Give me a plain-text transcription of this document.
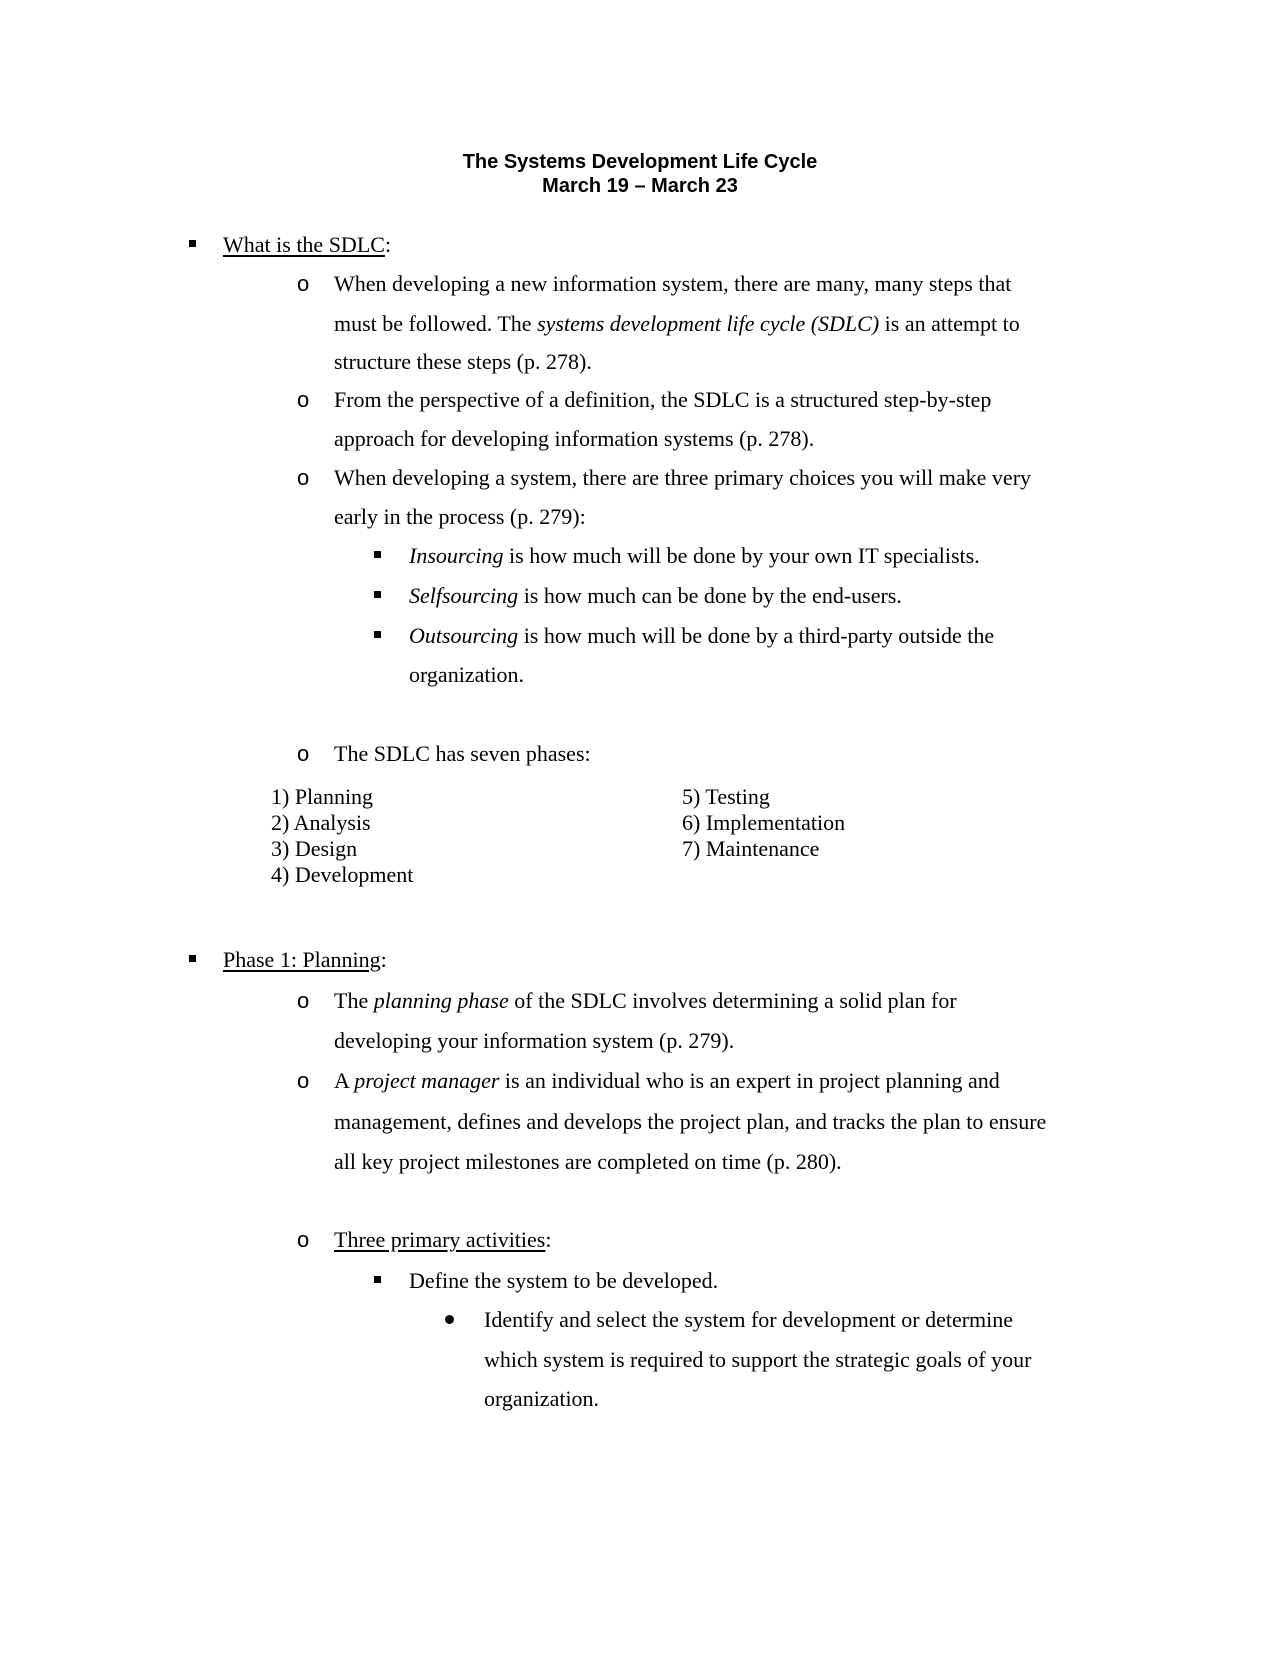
The Systems Development Life Cycle
March 19 – March 23
What is the SDLC:
o When developing a new information system, there are many, many steps that
must be followed. The systems development life cycle (SDLC) is an attempt to
structure these steps (p. 278).
o From the perspective of a definition, the SDLC is a structured step-by-step
approach for developing information systems (p. 278).
o When developing a system, there are three primary choices you will make very
early in the process (p. 279):
Insourcing is how much will be done by your own IT specialists.
Selfsourcing is how much can be done by the end-users.
Outsourcing is how much will be done by a third-party outside the
organization.
o The SDLC has seven phases:
1) Planning
2) Analysis
3) Design
4) Development
5) Testing
6) Implementation
7) Maintenance
Phase 1: Planning:
o The planning phase of the SDLC involves determining a solid plan for
developing your information system (p. 279).
o A project manager is an individual who is an expert in project planning and
management, defines and develops the project plan, and tracks the plan to ensure
all key project milestones are completed on time (p. 280).
o Three primary activities:
Define the system to be developed.
Identify and select the system for development or determine
which system is required to support the strategic goals of your
organization.
